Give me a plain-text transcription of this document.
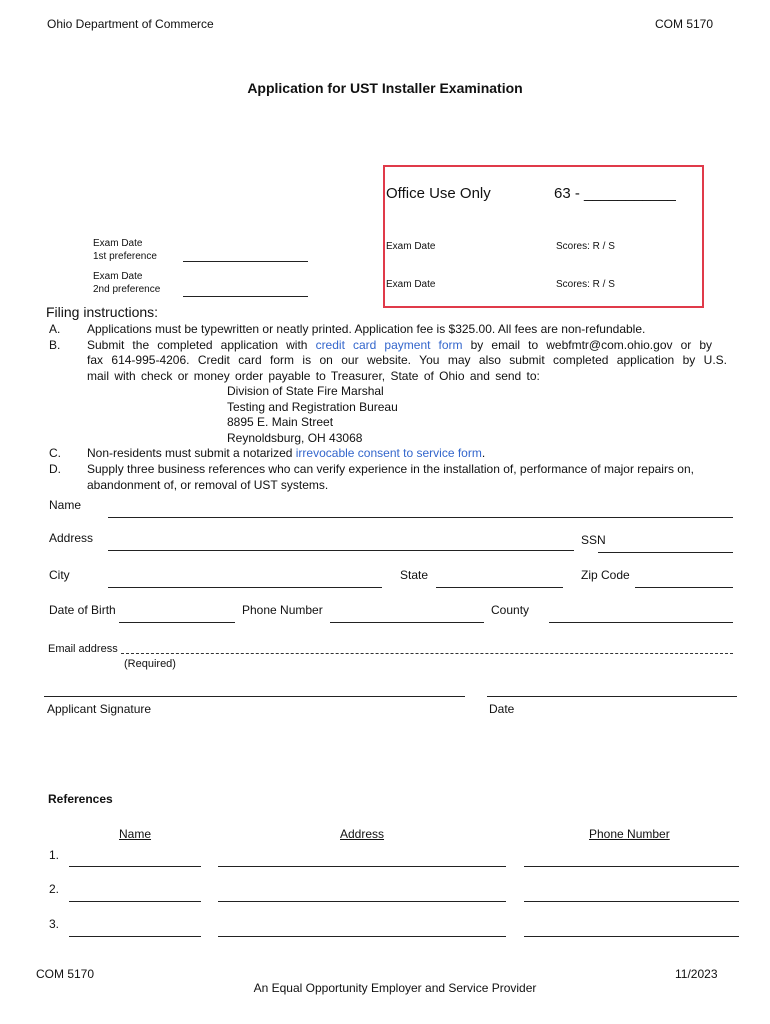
Ohio Department of Commerce	COM 5170
Application for UST Installer Examination
Office Use Only	63 - ___________
Exam Date	Scores: R / S
Exam Date	Scores: R / S
Exam Date
1st preference
Exam Date
2nd preference
Filing instructions:
A. Applications must be typewritten or neatly printed. Application fee is $325.00. All fees are non-refundable.
B. Submit the completed application with credit card payment form by email to webfmtr@com.ohio.gov or by
fax 614-995-4206. Credit card form is on our website. You may also submit completed application by U.S.
mail with check or money order payable to Treasurer, State of Ohio and send to:
Division of State Fire Marshal
Testing and Registration Bureau
8895 E. Main Street
Reynoldsburg, OH 43068
C. Non-residents must submit a notarized irrevocable consent to service form.
D. Supply three business references who can verify experience in the installation of, performance of major repairs on,
abandonment of, or removal of UST systems.
Name
Address	SSN
City	State	Zip Code
Date of Birth	Phone Number	County
Email address
(Required)
Applicant Signature	Date
References
Name	Address	Phone Number
1.
2.
3.
COM 5170	11/2023
An Equal Opportunity Employer and Service Provider
